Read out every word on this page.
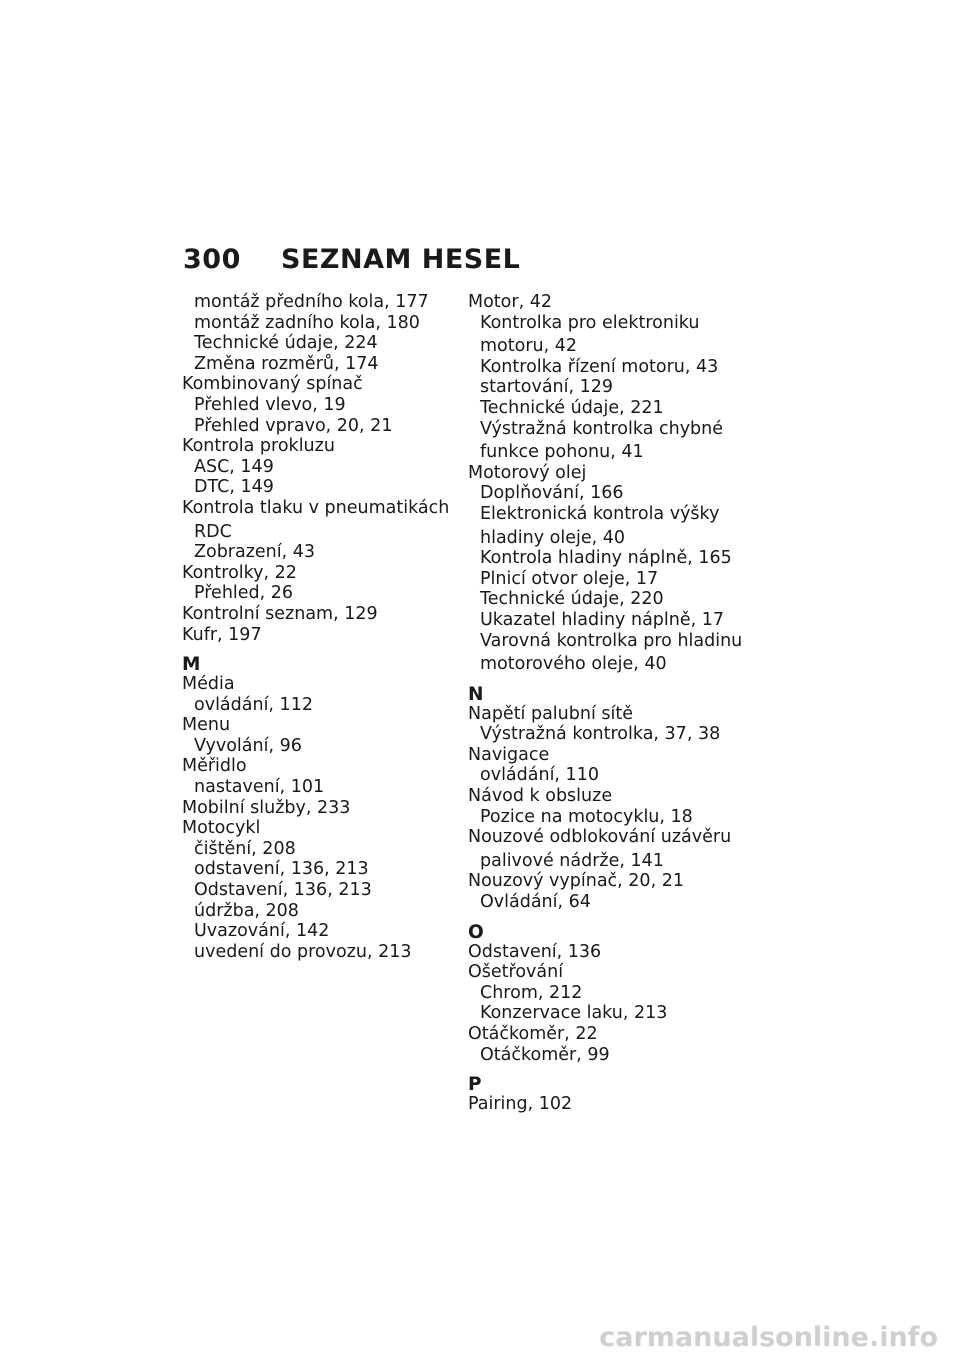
300 SEZNAM HESEL
montáž předního kola, 177
montáž zadního kola, 180
Technické údaje, 224
Změna rozměrů, 174
Kombinovaný spínač
Přehled vlevo, 19
Přehled vpravo, 20, 21
Kontrola prokluzu
ASC, 149
DTC, 149
Kontrola tlaku v pneumatikách
RDC
Zobrazení, 43
Kontrolky, 22
Přehled, 26
Kontrolní seznam, 129
Kufr, 197
M
Média
ovládání, 112
Menu
Vyvolání, 96
Měřidlo
nastavení, 101
Mobilní služby, 233
Motocykl
čištění, 208
odstavení, 136, 213
Odstavení, 136, 213
údržba, 208
Uvazování, 142
uvedení do provozu, 213
Motor, 42
Kontrolka pro elektroniku
motoru, 42
Kontrolka řízení motoru, 43
startování, 129
Technické údaje, 221
Výstražná kontrolka chybné
funkce pohonu, 41
Motorový olej
Doplňování, 166
Elektronická kontrola výšky
hladiny oleje, 40
Kontrola hladiny náplně, 165
Plnicí otvor oleje, 17
Technické údaje, 220
Ukazatel hladiny náplně, 17
Varovná kontrolka pro hladinu
motorového oleje, 40
N
Napětí palubní sítě
Výstražná kontrolka, 37, 38
Navigace
ovládání, 110
Návod k obsluze
Pozice na motocyklu, 18
Nouzové odblokování uzávěru
palivové nádrže, 141
Nouzový vypínač, 20, 21
Ovládání, 64
O
Odstavení, 136
Ošetřování
Chrom, 212
Konzervace laku, 213
Otáčkoměr, 22
Otáčkoměr, 99
P
Pairing, 102
carmanualsonline.info
